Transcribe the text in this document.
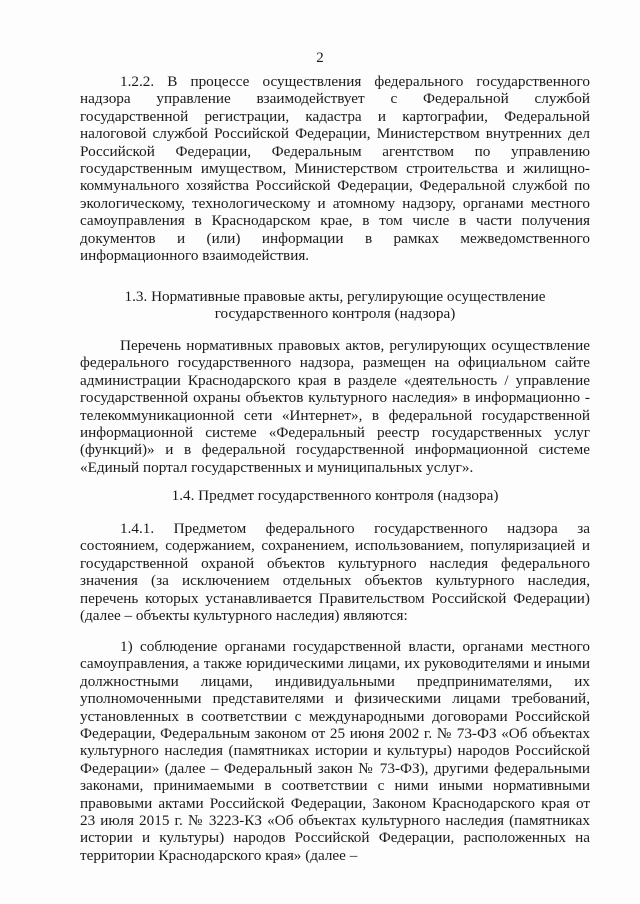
2

1.2.2. В процессе осуществления федерального государственного надзора управление взаимодействует с Федеральной службой государственной регистрации, кадастра и картографии, Федеральной налоговой службой Российской Федерации, Министерством внутренних дел Российской Федерации, Федеральным агентством по управлению государственным имуществом, Министерством строительства и жилищно-коммунального хозяйства Российской Федерации, Федеральной службой по экологическому, технологическому и атомному надзору, органами местного самоуправления в Краснодарском крае, в том числе в части получения документов и (или) информации в рамках межведомственного информационного взаимодействия.

1.3. Нормативные правовые акты, регулирующие осуществление государственного контроля (надзора)

Перечень нормативных правовых актов, регулирующих осуществление федерального государственного надзора, размещен на официальном сайте администрации Краснодарского края в разделе «деятельность / управление государственной охраны объектов культурного наследия» в информационно - телекоммуникационной сети «Интернет», в федеральной государственной информационной системе «Федеральный реестр государственных услуг (функций)» и в федеральной государственной информационной системе «Единый портал государственных и муниципальных услуг».

1.4. Предмет государственного контроля (надзора)

1.4.1. Предметом федерального государственного надзора за состоянием, содержанием, сохранением, использованием, популяризацией и государственной охраной объектов культурного наследия федерального значения (за исключением отдельных объектов культурного наследия, перечень которых устанавливается Правительством Российской Федерации) (далее – объекты культурного наследия) являются:

1) соблюдение органами государственной власти, органами местного самоуправления, а также юридическими лицами, их руководителями и иными должностными лицами, индивидуальными предпринимателями, их уполномоченными представителями и физическими лицами требований, установленных в соответствии с международными договорами Российской Федерации, Федеральным законом от 25 июня 2002 г. № 73-ФЗ «Об объектах культурного наследия (памятниках истории и культуры) народов Российской Федерации» (далее – Федеральный закон № 73-ФЗ), другими федеральными законами, принимаемыми в соответствии с ними иными нормативными правовыми актами Российской Федерации, Законом Краснодарского края от 23 июля 2015 г. № 3223-КЗ «Об объектах культурного наследия (памятниках истории и культуры) народов Российской Федерации, расположенных на территории Краснодарского края» (далее –
